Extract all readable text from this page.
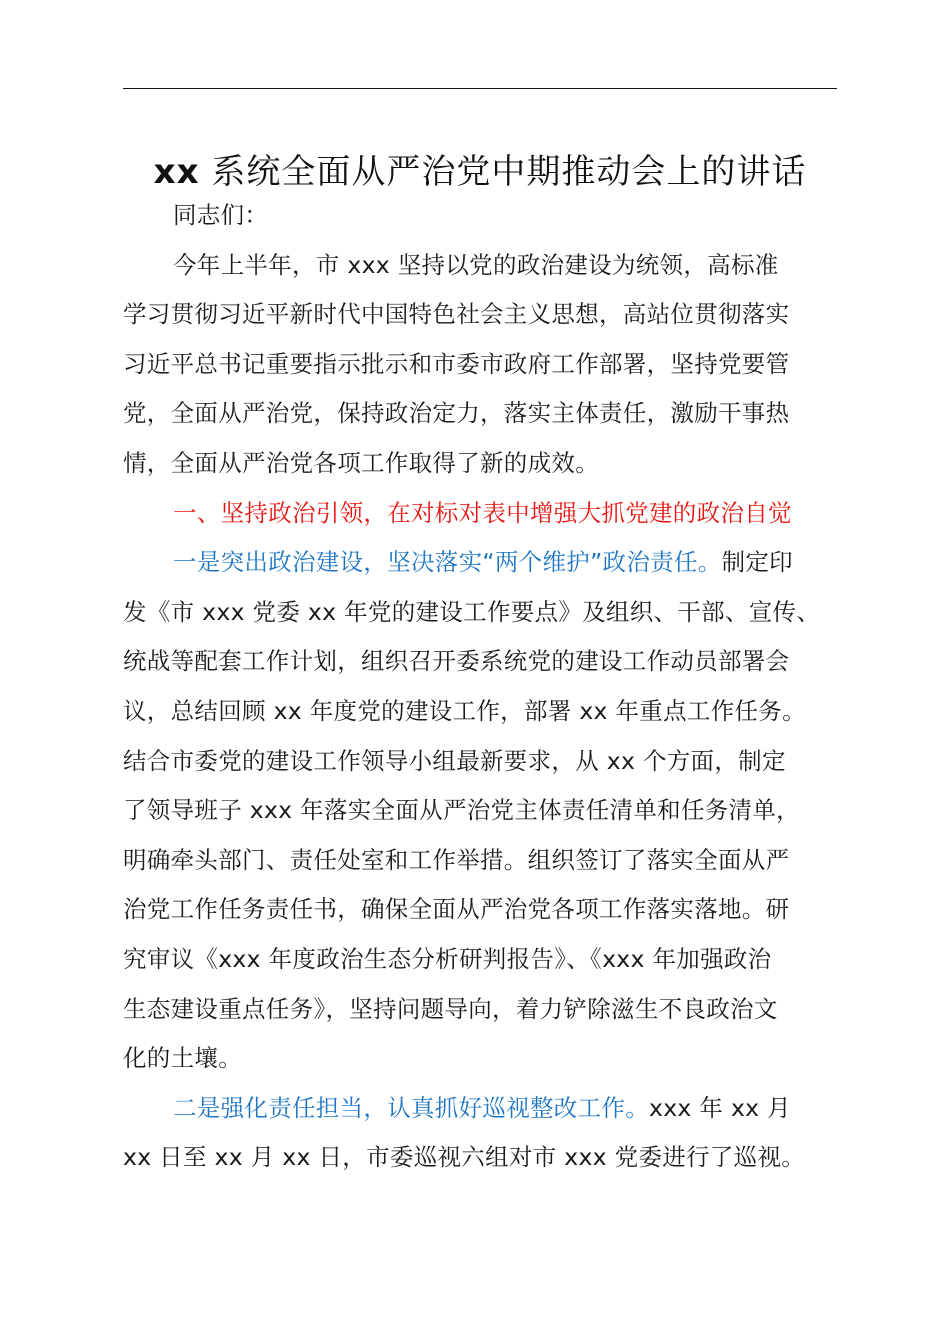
xx 系统全面从严治党中期推动会上的讲话
同志们：
今年上半年，市 xxx 坚持以党的政治建设为统领，高标准
学习贯彻习近平新时代中国特色社会主义思想，高站位贯彻落实
习近平总书记重要指示批示和市委市政府工作部署，坚持党要管
党，全面从严治党，保持政治定力，落实主体责任，激励干事热
情，全面从严治党各项工作取得了新的成效。
一、坚持政治引领，在对标对表中增强大抓党建的政治自觉
一是突出政治建设，坚决落实“两个维护”政治责任。制定印
发《市 xxx 党委 xx 年党的建设工作要点》及组织、干部、宣传、
统战等配套工作计划，组织召开委系统党的建设工作动员部署会
议，总结回顾 xx 年度党的建设工作，部署 xx 年重点工作任务。
结合市委党的建设工作领导小组最新要求，从 xx 个方面，制定
了领导班子 xxx 年落实全面从严治党主体责任清单和任务清单，
明确牵头部门、责任处室和工作举措。组织签订了落实全面从严
治党工作任务责任书，确保全面从严治党各项工作落实落地。研
究审议《xxx 年度政治生态分析研判报告》、《xxx 年加强政治
生态建设重点任务》，坚持问题导向，着力铲除滋生不良政治文
化的土壤。
二是强化责任担当，认真抓好巡视整改工作。xxx 年 xx 月
xx 日至 xx 月 xx 日，市委巡视六组对市 xxx 党委进行了巡视。
